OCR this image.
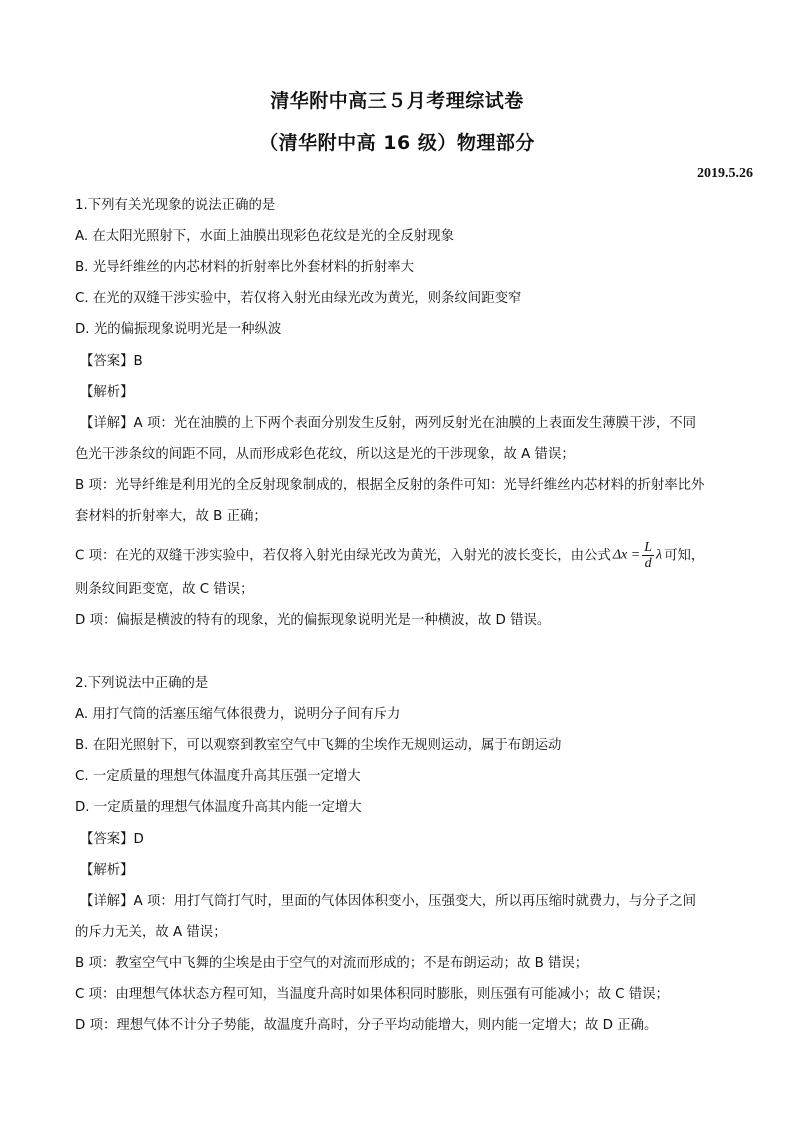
清华附中高三５月考理综试卷
（清华附中高 16 级）物理部分
2019.5.26
1.下列有关光现象的说法正确的是
A. 在太阳光照射下，水面上油膜出现彩色花纹是光的全反射现象
B. 光导纤维丝的内芯材料的折射率比外套材料的折射率大
C. 在光的双缝干涉实验中，若仅将入射光由绿光改为黄光，则条纹间距变窄
D. 光的偏振现象说明光是一种纵波
【答案】B
【解析】
【详解】A 项：光在油膜的上下两个表面分别发生反射，两列反射光在油膜的上表面发生薄膜干涉，不同
色光干涉条纹的间距不同，从而形成彩色花纹，所以这是光的干涉现象，故 A 错误；
B 项：光导纤维是利用光的全反射现象制成的，根据全反射的条件可知：光导纤维丝内芯材料的折射率比外
套材料的折射率大，故 B 正确；
C 项：在光的双缝干涉实验中，若仅将入射光由绿光改为黄光，入射光的波长变长，由公式 $\Delta x = \frac{L}{d}$ λ 可知，
则条纹间距变宽，故 C 错误；
D 项：偏振是横波的特有的现象，光的偏振现象说明光是一种横波，故 D 错误。
2.下列说法中正确的是
A. 用打气筒的活塞压缩气体很费力，说明分子间有斥力
B. 在阳光照射下，可以观察到教室空气中飞舞的尘埃作无规则运动，属于布朗运动
C. 一定质量的理想气体温度升高其压强一定增大
D. 一定质量的理想气体温度升高其内能一定增大
【答案】D
【解析】
【详解】A 项：用打气筒打气时，里面的气体因体积变小，压强变大，所以再压缩时就费力，与分子之间
的斥力无关，故 A 错误；
B 项：教室空气中飞舞的尘埃是由于空气的对流而形成的；不是布朗运动；故 B 错误；
C 项：由理想气体状态方程可知，当温度升高时如果体积同时膨胀，则压强有可能减小；故 C 错误；
D 项：理想气体不计分子势能，故温度升高时，分子平均动能增大，则内能一定增大；故 D 正确。
